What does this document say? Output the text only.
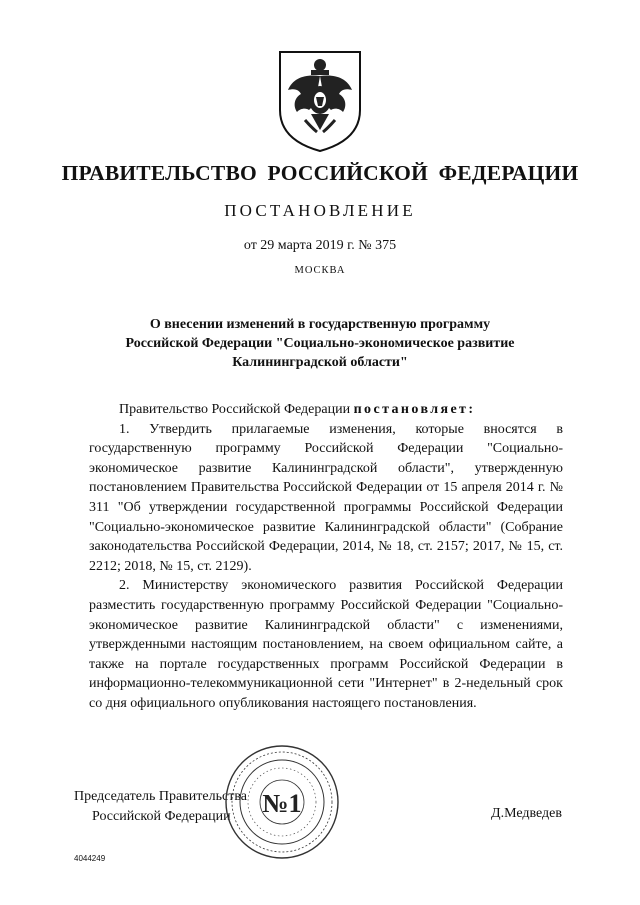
ПРАВИТЕЛЬСТВО РОССИЙСКОЙ ФЕДЕРАЦИИ
ПОСТАНОВЛЕНИЕ
от 29 марта 2019 г. № 375
МОСКВА
О внесении изменений в государственную программу
Российской Федерации "Социально-экономическое развитие
Калининградской области"

Правительство Российской Федерации постановляет:

1. Утвердить прилагаемые изменения, которые вносятся в государственную программу Российской Федерации "Социально-экономическое развитие Калининградской области", утвержденную постановлением Правительства Российской Федерации от 15 апреля 2014 г. № 311 "Об утверждении государственной программы Российской Федерации "Социально-экономическое развитие Калининградской области" (Собрание законодательства Российской Федерации, 2014, № 18, ст. 2157; 2017, № 15, ст. 2212; 2018, № 15, ст. 2129).

2. Министерству экономического развития Российской Федерации разместить государственную программу Российской Федерации "Социально-экономическое развитие Калининградской области" с изменениями, утвержденными настоящим постановлением, на своем официальном сайте, а также на портале государственных программ Российской Федерации в информационно-телекоммуникационной сети "Интернет" в 2-недельный срок со дня официального опубликования настоящего постановления.

Председатель Правительства
Российской Федерации	№1	Д.Медведев
4044249
